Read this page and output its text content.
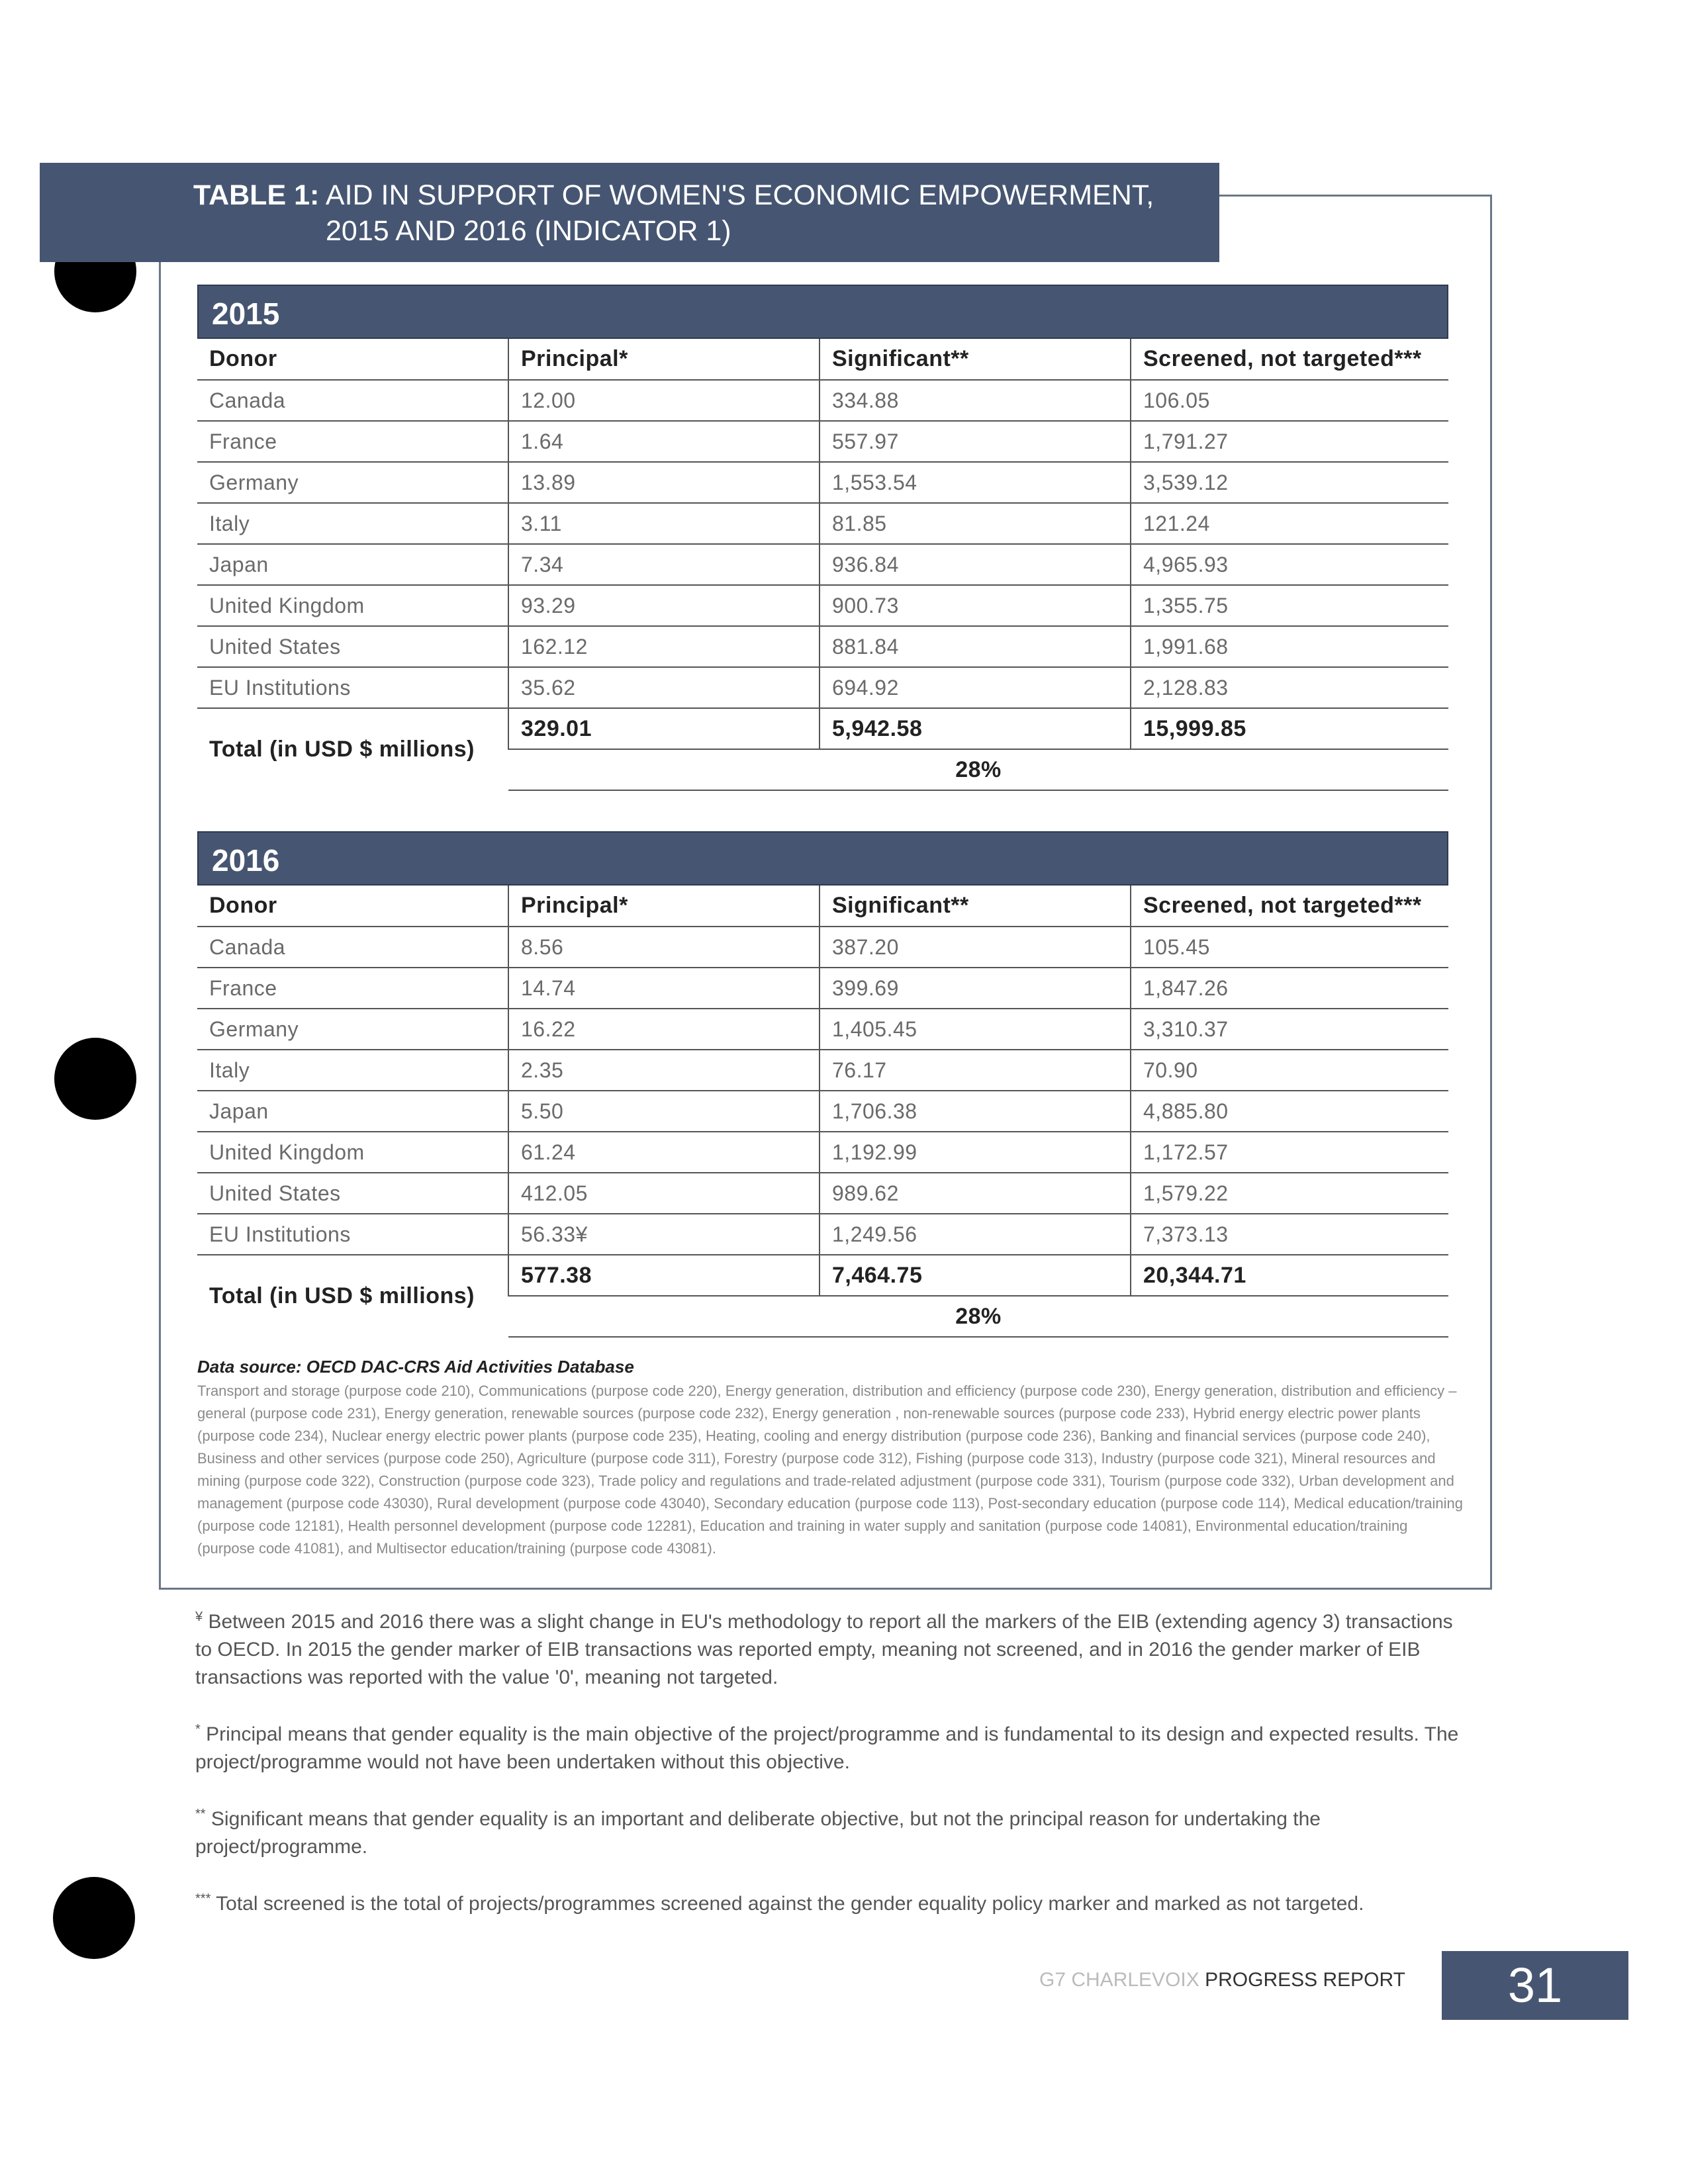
TABLE 1: AID IN SUPPORT OF WOMEN'S ECONOMIC EMPOWERMENT,
2015 AND 2016 (INDICATOR 1)
2015
Donor	Principal*	Significant**	Screened, not targeted***
Canada	12.00	334.88	106.05
France	1.64	557.97	1,791.27
Germany	13.89	1,553.54	3,539.12
Italy	3.11	81.85	121.24
Japan	7.34	936.84	4,965.93
United Kingdom	93.29	900.73	1,355.75
United States	162.12	881.84	1,991.68
EU Institutions	35.62	694.92	2,128.83
Total (in USD $ millions)	329.01	5,942.58	15,999.85
	28%		
2016
Donor	Principal*	Significant**	Screened, not targeted***
Canada	8.56	387.20	105.45
France	14.74	399.69	1,847.26
Germany	16.22	1,405.45	3,310.37
Italy	2.35	76.17	70.90
Japan	5.50	1,706.38	4,885.80
United Kingdom	61.24	1,192.99	1,172.57
United States	412.05	989.62	1,579.22
EU Institutions	56.33¥	1,249.56	7,373.13
Total (in USD $ millions)	577.38	7,464.75	20,344.71
	28%		
Data source: OECD DAC-CRS Aid Activities Database
Transport and storage (purpose code 210), Communications (purpose code 220), Energy generation, distribution and efficiency (purpose code 230), Energy generation, distribution and efficiency – general (purpose code 231), Energy generation, renewable sources (purpose code 232), Energy generation , non-renewable sources (purpose code 233), Hybrid energy electric power plants (purpose code 234), Nuclear energy electric power plants (purpose code 235), Heating, cooling and energy distribution (purpose code 236), Banking and financial services (purpose code 240), Business and other services (purpose code 250), Agriculture (purpose code 311), Forestry (purpose code 312), Fishing (purpose code 313), Industry (purpose code 321), Mineral resources and mining (purpose code 322), Construction (purpose code 323), Trade policy and regulations and trade-related adjustment (purpose code 331), Tourism (purpose code 332), Urban development and management (purpose code 43030), Rural development (purpose code 43040), Secondary education (purpose code 113), Post-secondary education (purpose code 114), Medical education/training (purpose code 12181), Health personnel development (purpose code 12281), Education and training in water supply and sanitation (purpose code 14081), Environmental education/training (purpose code 41081), and Multisector education/training (purpose code 43081).

¥ Between 2015 and 2016 there was a slight change in EU's methodology to report all the markers of the EIB (extending agency 3) transactions to OECD. In 2015 the gender marker of EIB transactions was reported empty, meaning not screened, and in 2016 the gender marker of EIB transactions was reported with the value '0', meaning not targeted.

* Principal means that gender equality is the main objective of the project/programme and is fundamental to its design and expected results. The project/programme would not have been undertaken without this objective.

** Significant means that gender equality is an important and deliberate objective, but not the principal reason for undertaking the project/programme.

*** Total screened is the total of projects/programmes screened against the gender equality policy marker and marked as not targeted.

G7 CHARLEVOIX PROGRESS REPORT	31
